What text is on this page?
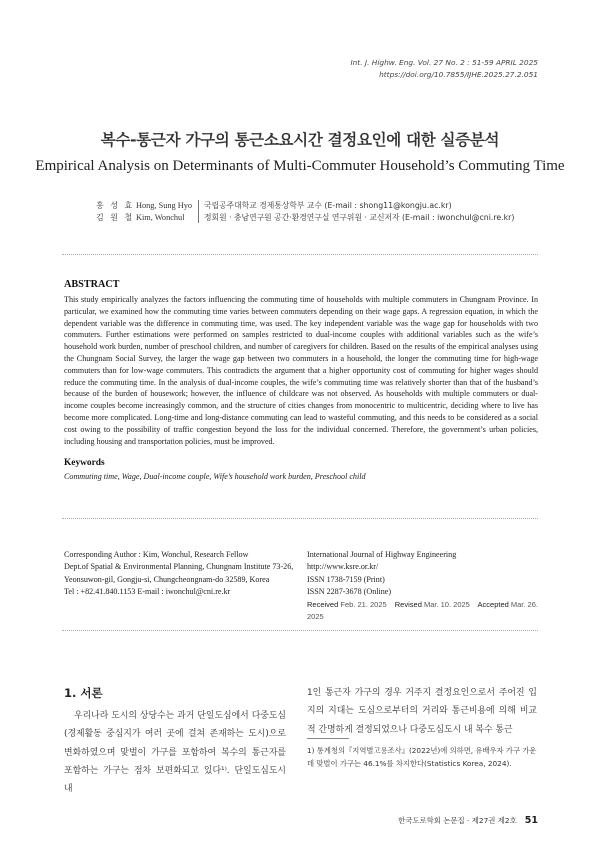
Int. J. Highw. Eng. Vol. 27 No. 2 : 51-59 APRIL 2025
https://doi.org/10.7855/IJHE.2025.27.2.051
복수-통근자 가구의 통근소요시간 결정요인에 대한 실증분석
Empirical Analysis on Determinants of Multi-Commuter Household’s Commuting Time
홍 성 효 Hong, Sung Hyo	국립공주대학교 경제통상학부 교수 (E-mail : shong11@kongju.ac.kr)
김 원 철 Kim, Wonchul	정회원 · 충남연구원 공간·환경연구실 연구위원 · 교신저자 (E-mail : iwonchul@cni.re.kr)
ABSTRACT
This study empirically analyzes the factors influencing the commuting time of households with multiple commuters in Chungnam Province. In particular, we examined how the commuting time varies between commuters depending on their wage gaps. A regression equation, in which the dependent variable was the difference in commuting time, was used. The key independent variable was the wage gap for households with two commuters. Further estimations were performed on samples restricted to dual-income couples with additional variables such as the wife’s household work burden, number of preschool children, and number of caregivers for children. Based on the results of the empirical analyses using the Chungnam Social Survey, the larger the wage gap between two commuters in a household, the longer the commuting time for high-wage commuters than for low-wage commuters. This contradicts the argument that a higher opportunity cost of commuting for higher wages should reduce the commuting time. In the analysis of dual-income couples, the wife’s commuting time was relatively shorter than that of the husband’s because of the burden of housework; however, the influence of childcare was not observed. As households with multiple commuters or dual-income couples become increasingly common, and the structure of cities changes from monocentric to multicentric, deciding where to live has become more complicated. Long-time and long-distance commuting can lead to wasteful commuting, and this needs to be considered as a social cost owing to the possibility of traffic congestion beyond the loss for the individual concerned. Therefore, the government’s urban policies, including housing and transportation policies, must be improved.
Keywords
Commuting time, Wage, Dual-income couple, Wife’s household work burden, Preschool child
Corresponding Author : Kim, Wonchul, Research Fellow
Dept.of Spatial & Environmental Planning, Chungnam Institute 73-26,
Yeonsuwon-gil, Gongju-si, Chungcheongnam-do 32589, Korea
Tel : +82.41.840.1153 E-mail : iwonchul@cni.re.kr
International Journal of Highway Engineering
http://www.ksre.or.kr/
ISSN 1738-7159 (Print)
ISSN 2287-3678 (Online)
Received Feb. 21. 2025 Revised Mar. 10. 2025 Accepted Mar. 26. 2025
1. 서론
우리나라 도시의 상당수는 과거 단일도심에서 다중도심(경제활동 중심지가 여러 곳에 걸쳐 존재하는 도시)으로 변화하였으며 맞벌이 가구를 포함하여 복수의 통근자를 포함하는 가구는 점차 보편화되고 있다¹⁾. 단일도심도시 내
1인 통근자 가구의 경우 거주지 결정요인으로서 주어진 입지의 지대는 도심으로부터의 거리와 통근비용에 의해 비교적 간명하게 결정되었으나 다중도심도시 내 복수 통근
1) 통계청의『지역별고용조사』(2022년)에 의하면, 유배우자 가구 가운데 맞벌이 가구는 46.1%를 차지한다(Statistics Korea, 2024).
한국도로학회 논문집 · 제27권 제2호 51
